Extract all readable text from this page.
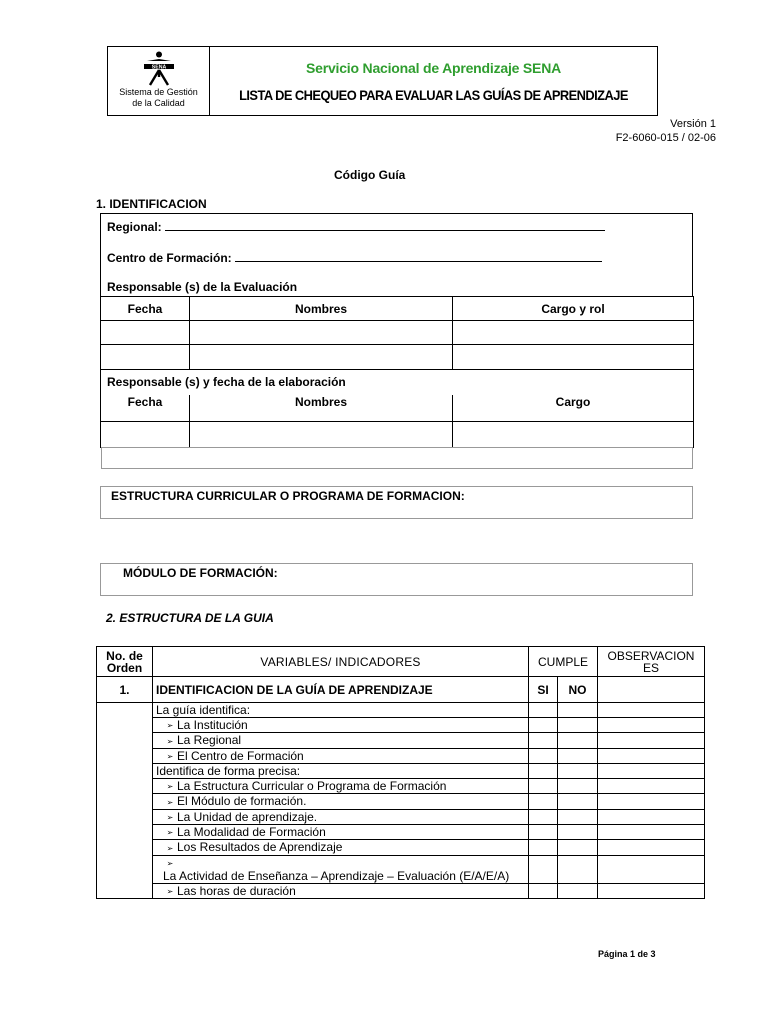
SENA
Sistema de Gestión
de la Calidad
Servicio Nacional de Aprendizaje SENA
LISTA DE CHEQUEO PARA EVALUAR LAS GUÍAS DE APRENDIZAJE
Versión 1
F2-6060-015 / 02-06
Código Guía
1. IDENTIFICACION
Regional:
Centro de Formación:
Responsable (s) de la Evaluación
Fecha	Nombres	Cargo y rol

Responsable (s) y fecha de la elaboración		
Fecha	Nombres	Cargo

ESTRUCTURA CURRICULAR O PROGRAMA DE FORMACION:
MÓDULO DE FORMACIÓN:
2. ESTRUCTURA DE LA GUIA
No. de Orden	VARIABLES/ INDICADORES	CUMPLE		OBSERVACIONES
1.	IDENTIFICACION DE LA GUÍA DE APRENDIZAJE	SI	NO	
	La guía identifica:			
	➢ La Institución			
	➢ La Regional			
	➢ El Centro de Formación			
	Identifica de forma precisa:			
	➢ La Estructura Curricular o Programa de Formación			
	➢ El Módulo de formación.			
	➢ La Unidad de aprendizaje.			
	➢ La Modalidad de Formación			
	➢ Los Resultados de Aprendizaje			
	➢La Actividad de Enseñanza – Aprendizaje – Evaluación (E/A/E/A)			
	➢ Las horas de duración			
Página 1 de 3
